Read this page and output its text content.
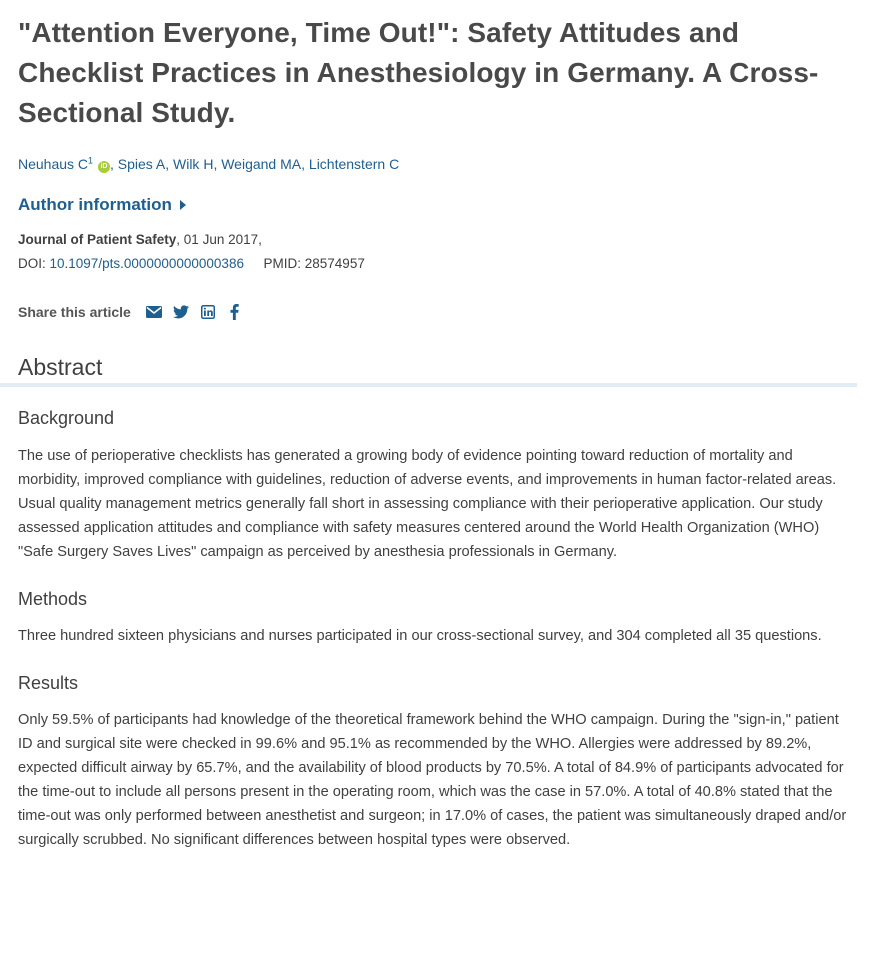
"Attention Everyone, Time Out!": Safety Attitudes and Checklist Practices in Anesthesiology in Germany. A Cross-Sectional Study.
Neuhaus $C^1$ iD , Spies A, Wilk H, Weigand MA, Lichtenstern C
Author information
Journal of Patient Safety, 01 Jun 2017,
DOI: 10.1097/pts.0000000000000386 PMID: 28574957
Share this article
Abstract
Background

The use of perioperative checklists has generated a growing body of evidence pointing toward reduction of mortality and morbidity, improved compliance with guidelines, reduction of adverse events, and improvements in human factor-related areas. Usual quality management metrics generally fall short in assessing compliance with their perioperative application. Our study assessed application attitudes and compliance with safety measures centered around the World Health Organization (WHO) "Safe Surgery Saves Lives" campaign as perceived by anesthesia professionals in Germany.

Methods

Three hundred sixteen physicians and nurses participated in our cross-sectional survey, and 304 completed all 35 questions.

Results

Only 59.5% of participants had knowledge of the theoretical framework behind the WHO campaign. During the "sign-in," patient ID and surgical site were checked in 99.6% and 95.1% as recommended by the WHO. Allergies were addressed by 89.2%, expected difficult airway by 65.7%, and the availability of blood products by 70.5%. A total of 84.9% of participants advocated for the time-out to include all persons present in the operating room, which was the case in 57.0%. A total of 40.8% stated that the time-out was only performed between anesthetist and surgeon; in 17.0% of cases, the patient was simultaneously draped and/or surgically scrubbed. No significant differences between hospital types were observed.
